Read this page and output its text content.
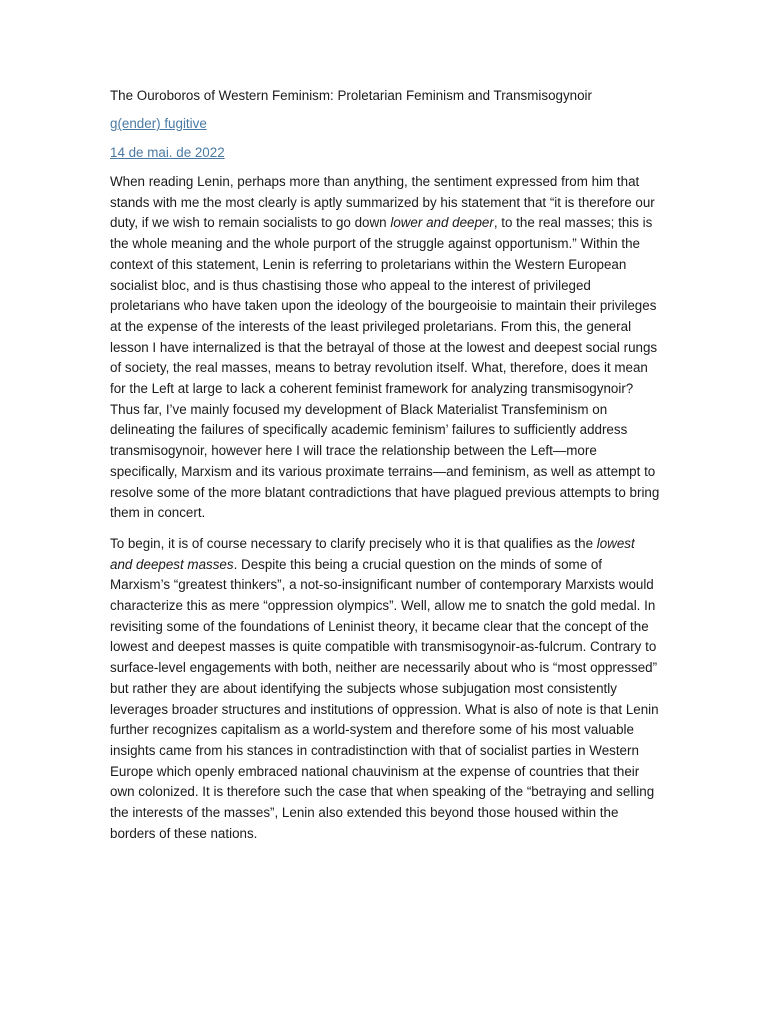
The Ouroboros of Western Feminism: Proletarian Feminism and Transmisogynoir
g(ender) fugitive
14 de mai. de 2022

When reading Lenin, perhaps more than anything, the sentiment expressed from him that stands with me the most clearly is aptly summarized by his statement that “it is therefore our duty, if we wish to remain socialists to go down lower and deeper, to the real masses; this is the whole meaning and the whole purport of the struggle against opportunism.” Within the context of this statement, Lenin is referring to proletarians within the Western European socialist bloc, and is thus chastising those who appeal to the interest of privileged proletarians who have taken upon the ideology of the bourgeoisie to maintain their privileges at the expense of the interests of the least privileged proletarians. From this, the general lesson I have internalized is that the betrayal of those at the lowest and deepest social rungs of society, the real masses, means to betray revolution itself. What, therefore, does it mean for the Left at large to lack a coherent feminist framework for analyzing transmisogynoir? Thus far, I’ve mainly focused my development of Black Materialist Transfeminism on delineating the failures of specifically academic feminism’ failures to sufficiently address transmisogynoir, however here I will trace the relationship between the Left—more specifically, Marxism and its various proximate terrains—and feminism, as well as attempt to resolve some of the more blatant contradictions that have plagued previous attempts to bring them in concert.

To begin, it is of course necessary to clarify precisely who it is that qualifies as the lowest and deepest masses. Despite this being a crucial question on the minds of some of Marxism’s “greatest thinkers”, a not-so-insignificant number of contemporary Marxists would characterize this as mere “oppression olympics”. Well, allow me to snatch the gold medal. In revisiting some of the foundations of Leninist theory, it became clear that the concept of the lowest and deepest masses is quite compatible with transmisogynoir-as-fulcrum. Contrary to surface-level engagements with both, neither are necessarily about who is “most oppressed” but rather they are about identifying the subjects whose subjugation most consistently leverages broader structures and institutions of oppression. What is also of note is that Lenin further recognizes capitalism as a world-system and therefore some of his most valuable insights came from his stances in contradistinction with that of socialist parties in Western Europe which openly embraced national chauvinism at the expense of countries that their own colonized. It is therefore such the case that when speaking of the “betraying and selling the interests of the masses”, Lenin also extended this beyond those housed within the borders of these nations.
